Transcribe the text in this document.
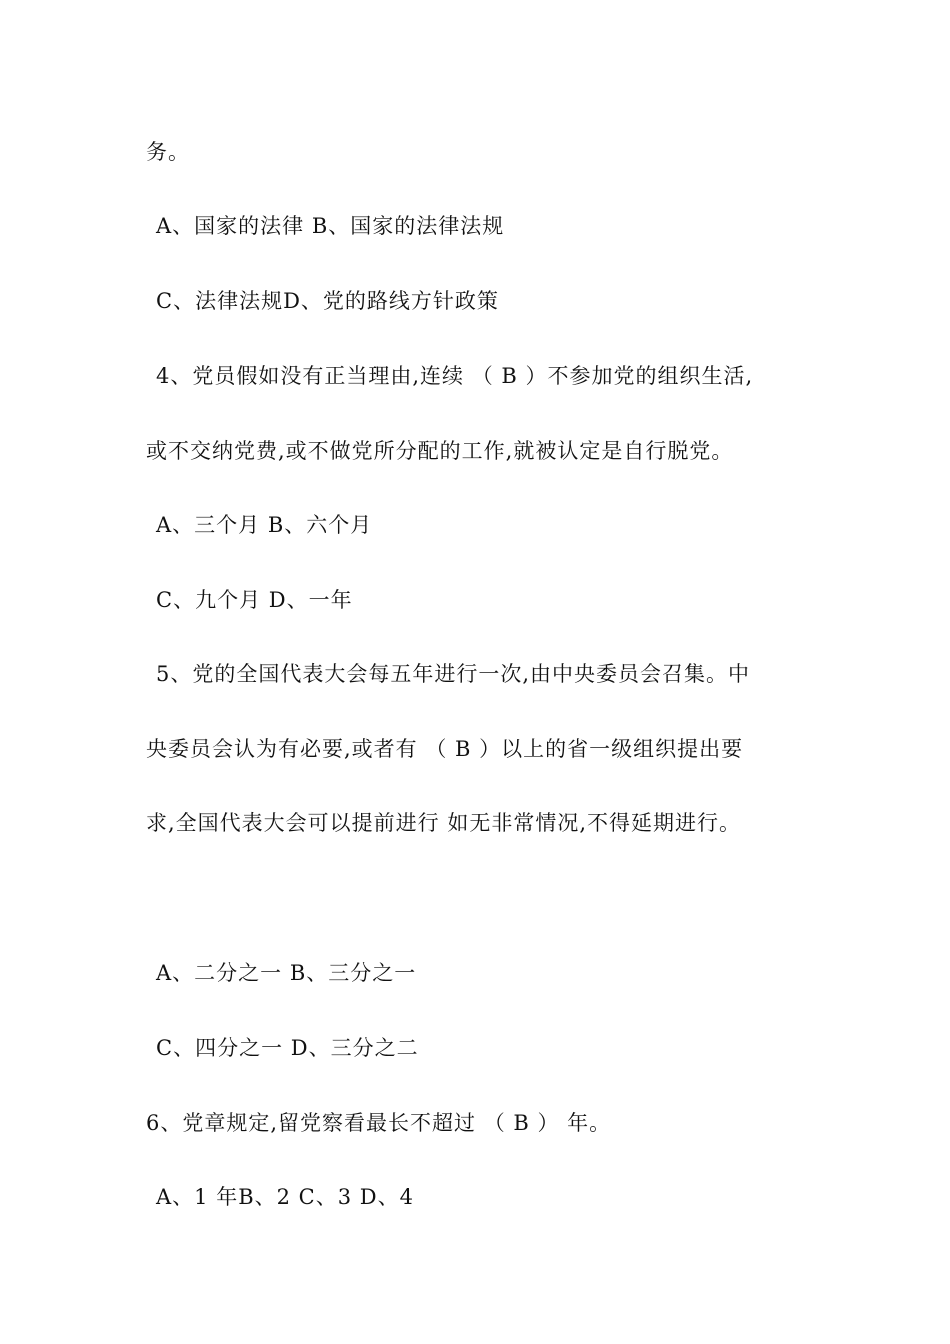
务。
A、国家的法律 B、国家的法律法规
C、法律法规D、党的路线方针政策
4、党员假如没有正当理由,连续 （ B ）不参加党的组织生活,
或不交纳党费,或不做党所分配的工作,就被认定是自行脱党。
A、三个月 B、六个月
C、九个月 D、一年
5、党的全国代表大会每五年进行一次,由中央委员会召集。中
央委员会认为有必要,或者有 （ B ）以上的省一级组织提出要
求,全国代表大会可以提前进行 如无非常情况,不得延期进行。
A、二分之一 B、三分之一
C、四分之一 D、三分之二
6、党章规定,留党察看最长不超过 （ B ） 年。
A、1 年B、2 C、3 D、4
